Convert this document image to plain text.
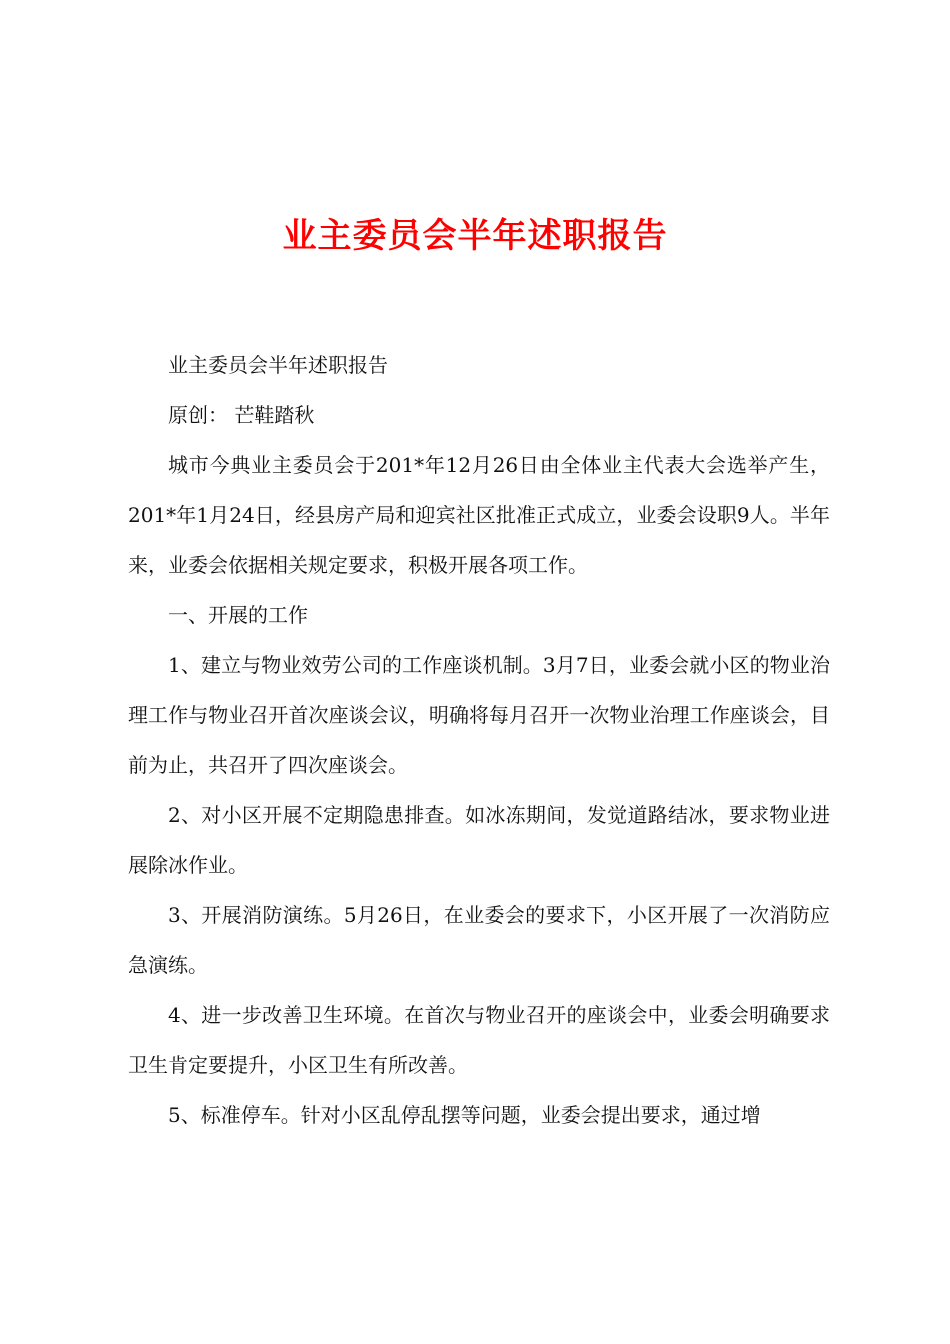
业主委员会半年述职报告

业主委员会半年述职报告

原创： 芒鞋踏秋

城市今典业主委员会于201*年12月26日由全体业主代表大会选举产生，201*年1月24日，经县房产局和迎宾社区批准正式成立，业委会设职9人。半年来，业委会依据相关规定要求，积极开展各项工作。

一、开展的工作

1、建立与物业效劳公司的工作座谈机制。3月7日，业委会就小区的物业治理工作与物业召开首次座谈会议，明确将每月召开一次物业治理工作座谈会，目前为止，共召开了四次座谈会。

2、对小区开展不定期隐患排查。如冰冻期间，发觉道路结冰，要求物业进展除冰作业。

3、开展消防演练。5月26日，在业委会的要求下，小区开展了一次消防应急演练。

4、进一步改善卫生环境。在首次与物业召开的座谈会中，业委会明确要求卫生肯定要提升，小区卫生有所改善。

5、标准停车。针对小区乱停乱摆等问题，业委会提出要求，通过增
